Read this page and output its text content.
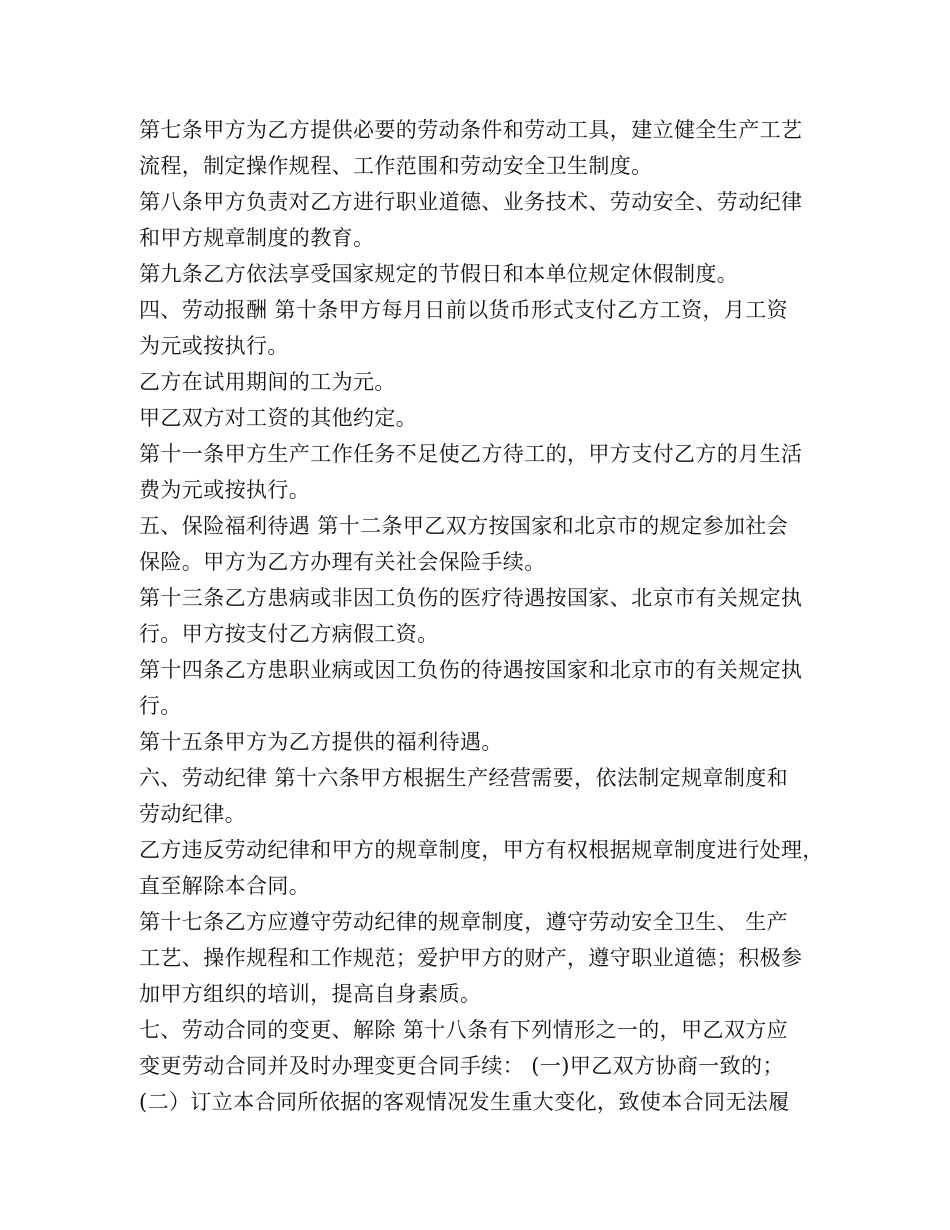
第七条甲方为乙方提供必要的劳动条件和劳动工具，建立健全生产工艺
流程，制定操作规程、工作范围和劳动安全卫生制度。
第八条甲方负责对乙方进行职业道德、业务技术、劳动安全、劳动纪律
和甲方规章制度的教育。
第九条乙方依法享受国家规定的节假日和本单位规定休假制度。
四、劳动报酬 第十条甲方每月日前以货币形式支付乙方工资，月工资
为元或按执行。
乙方在试用期间的工为元。
甲乙双方对工资的其他约定。
第十一条甲方生产工作任务不足使乙方待工的，甲方支付乙方的月生活
费为元或按执行。
五、保险福利待遇 第十二条甲乙双方按国家和北京市的规定参加社会
保险。甲方为乙方办理有关社会保险手续。
第十三条乙方患病或非因工负伤的医疗待遇按国家、北京市有关规定执
行。甲方按支付乙方病假工资。
第十四条乙方患职业病或因工负伤的待遇按国家和北京市的有关规定执
行。
第十五条甲方为乙方提供的福利待遇。
六、劳动纪律 第十六条甲方根据生产经营需要，依法制定规章制度和
劳动纪律。
乙方违反劳动纪律和甲方的规章制度，甲方有权根据规章制度进行处理，
直至解除本合同。
第十七条乙方应遵守劳动纪律的规章制度，遵守劳动安全卫生、 生产
工艺、操作规程和工作规范；爱护甲方的财产，遵守职业道德；积极参
加甲方组织的培训，提高自身素质。
七、劳动合同的变更、解除 第十八条有下列情形之一的，甲乙双方应
变更劳动合同并及时办理变更合同手续： (一)甲乙双方协商一致的；
(二）订立本合同所依据的客观情况发生重大变化，致使本合同无法履
